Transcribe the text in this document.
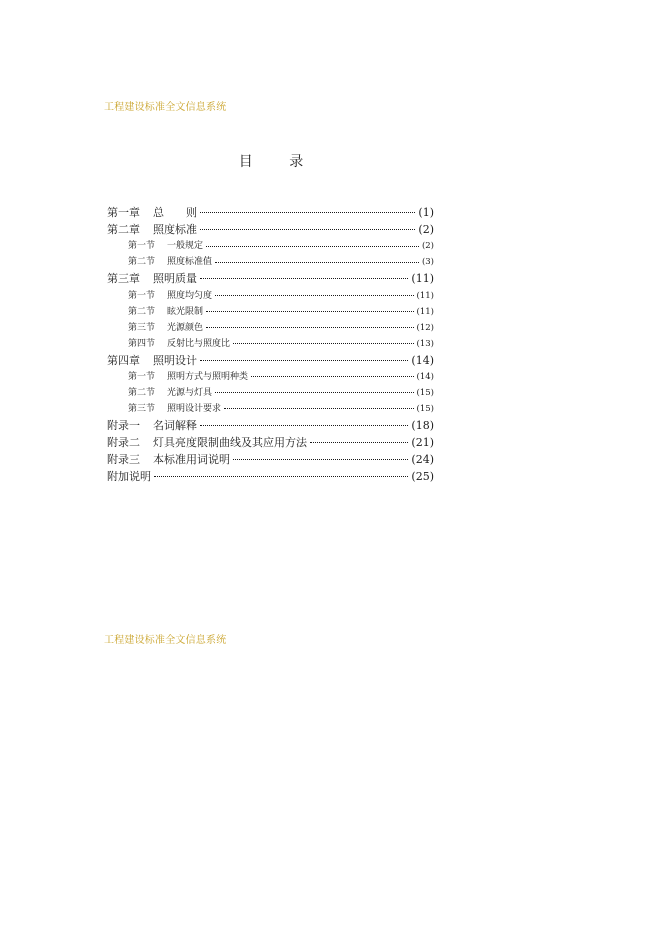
工程建设标准全文信息系统
目 录
第一章	总　　则	(1)
第二章	照度标准	(2)
第一节	一般规定	(2)
第二节	照度标准值	(3)
第三章	照明质量	(11)
第一节	照度均匀度	(11)
第二节	眩光限制	(11)
第三节	光源颜色	(12)
第四节	反射比与照度比	(13)
第四章	照明设计	(14)
第一节	照明方式与照明种类	(14)
第二节	光源与灯具	(15)
第三节	照明设计要求	(15)
附录一	名词解释	(18)
附录二	灯具亮度限制曲线及其应用方法	(21)
附录三	本标准用词说明	(24)
附加说明	(25)
工程建设标准全文信息系统
